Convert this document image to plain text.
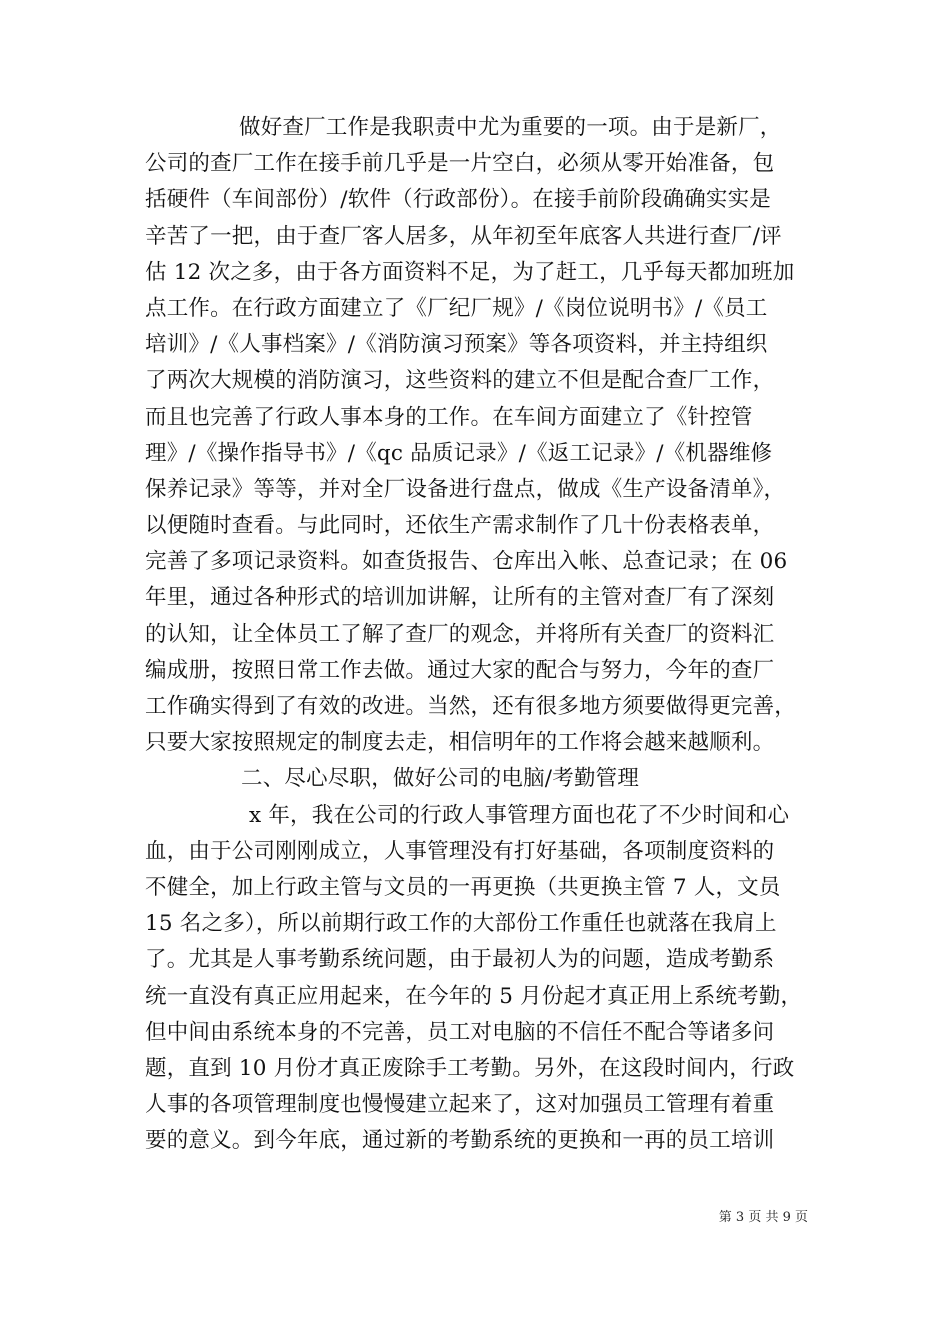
做好查厂工作是我职责中尤为重要的一项。由于是新厂，
公司的查厂工作在接手前几乎是一片空白，必须从零开始准备，包
括硬件（车间部份）/软件（行政部份）。在接手前阶段确确实实是
辛苦了一把，由于查厂客人居多，从年初至年底客人共进行查厂/评
估 12 次之多，由于各方面资料不足，为了赶工，几乎每天都加班加
点工作。在行政方面建立了《厂纪厂规》/《岗位说明书》/《员工
培训》/《人事档案》/《消防演习预案》等各项资料，并主持组织
了两次大规模的消防演习，这些资料的建立不但是配合查厂工作，
而且也完善了行政人事本身的工作。在车间方面建立了《针控管
理》/《操作指导书》/《qc 品质记录》/《返工记录》/《机器维修
保养记录》等等，并对全厂设备进行盘点，做成《生产设备清单》，
以便随时查看。与此同时，还依生产需求制作了几十份表格表单，
完善了多项记录资料。如查货报告、仓库出入帐、总查记录；在 06
年里，通过各种形式的培训加讲解，让所有的主管对查厂有了深刻
的认知，让全体员工了解了查厂的观念，并将所有关查厂的资料汇
编成册，按照日常工作去做。通过大家的配合与努力，今年的查厂
工作确实得到了有效的改进。当然，还有很多地方须要做得更完善，
只要大家按照规定的制度去走，相信明年的工作将会越来越顺利。
二、尽心尽职，做好公司的电脑/考勤管理
x 年，我在公司的行政人事管理方面也花了不少时间和心
血，由于公司刚刚成立，人事管理没有打好基础，各项制度资料的
不健全，加上行政主管与文员的一再更换（共更换主管 7 人，文员
15 名之多），所以前期行政工作的大部份工作重任也就落在我肩上
了。尤其是人事考勤系统问题，由于最初人为的问题，造成考勤系
统一直没有真正应用起来，在今年的 5 月份起才真正用上系统考勤，
但中间由系统本身的不完善，员工对电脑的不信任不配合等诸多问
题，直到 10 月份才真正废除手工考勤。另外，在这段时间内，行政
人事的各项管理制度也慢慢建立起来了，这对加强员工管理有着重
要的意义。到今年底，通过新的考勤系统的更换和一再的员工培训
第 3 页 共 9 页
